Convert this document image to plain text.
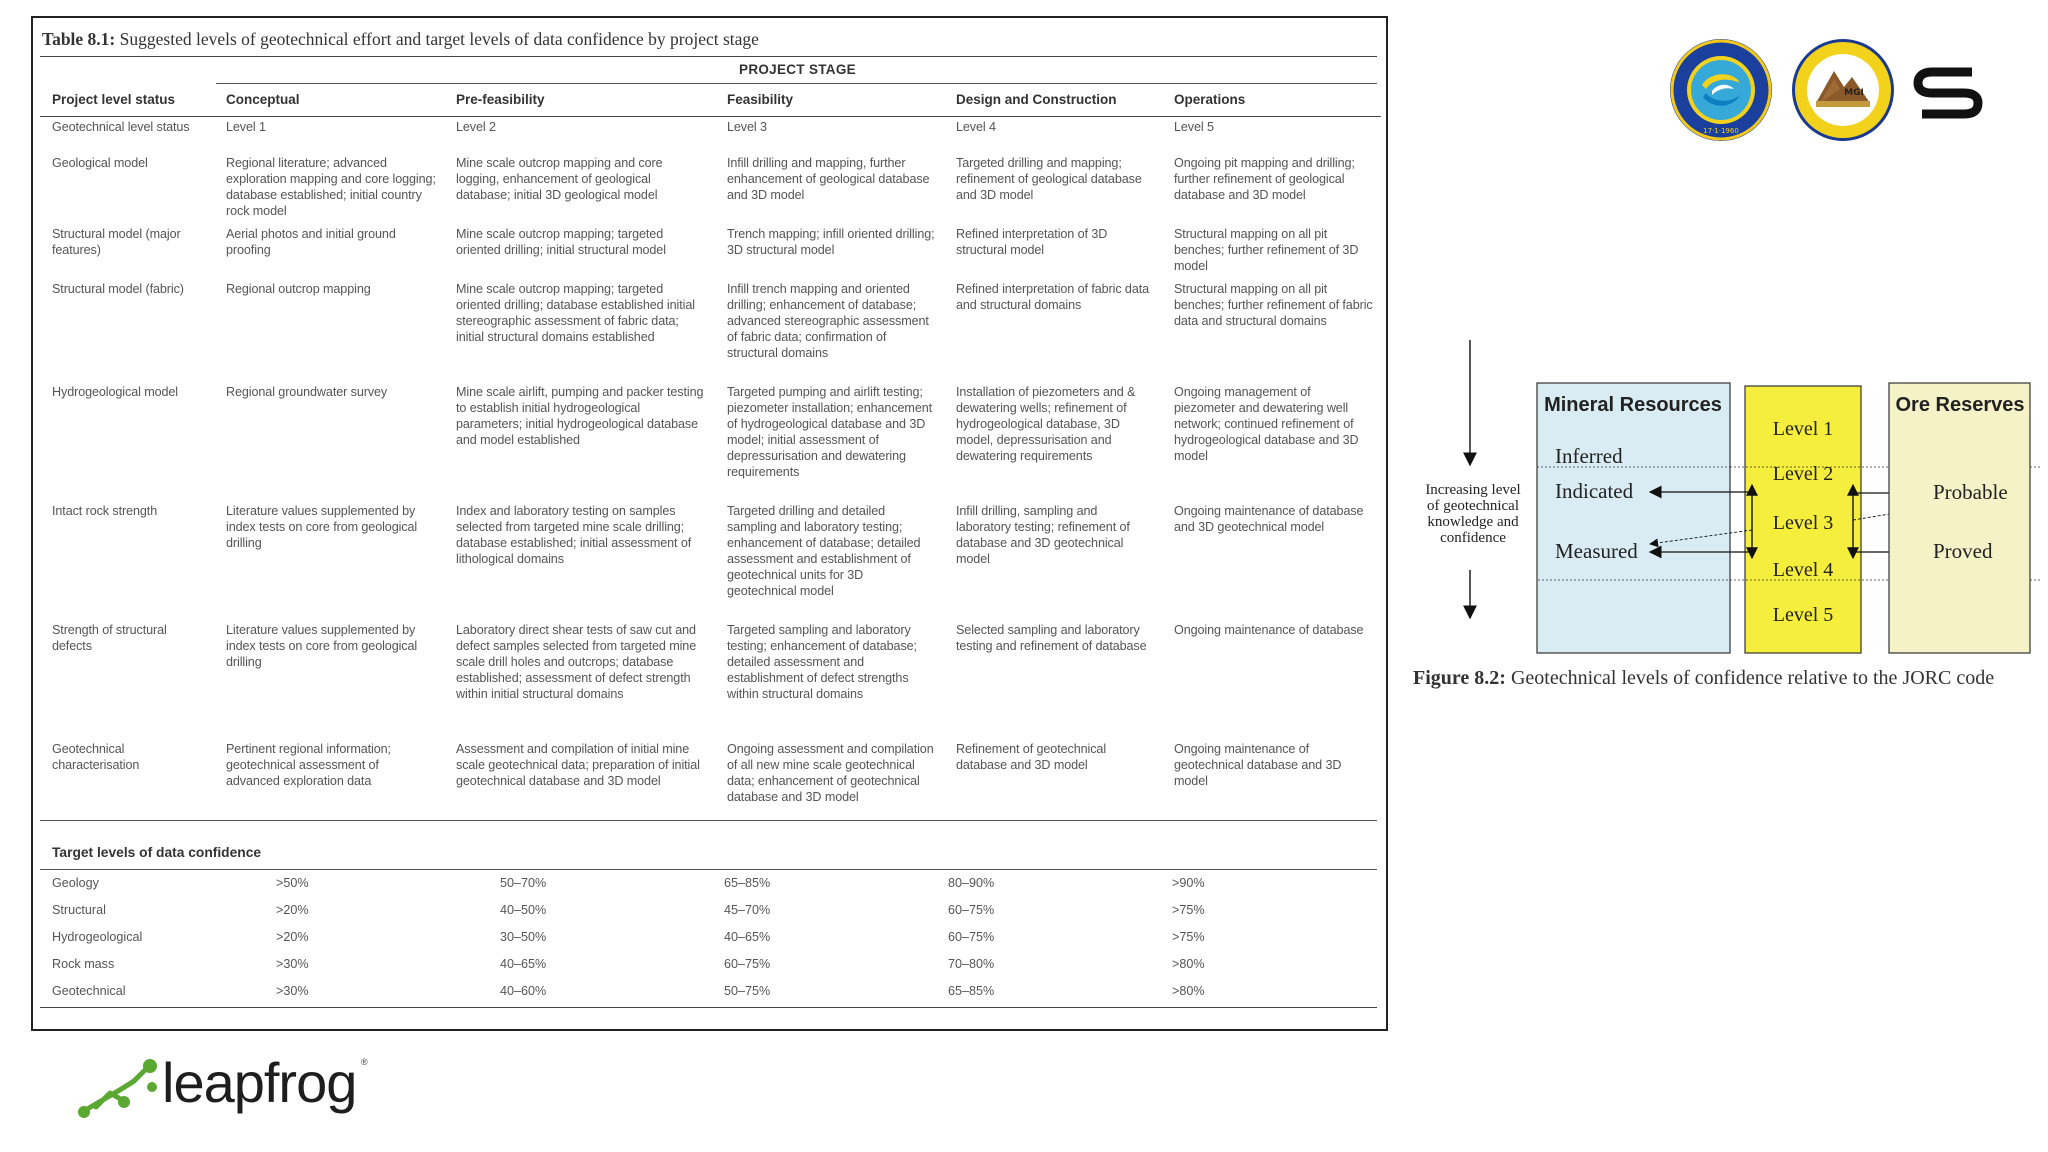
Table 8.1: Suggested levels of geotechnical effort and target levels of data confidence by project stage
PROJECT STAGE
Project level status	Conceptual	Pre-feasibility	Feasibility	Design and Construction	Operations
Geotechnical level status	Level 1	Level 2	Level 3	Level 4	Level 5
Geological model	Regional literature; advanced exploration mapping and core logging; database established; initial country rock model	Mine scale outcrop mapping and core logging, enhancement of geological database; initial 3D geological model	Infill drilling and mapping, further enhancement of geological database and 3D model	Targeted drilling and mapping; refinement of geological database and 3D model	Ongoing pit mapping and drilling; further refinement of geological database and 3D model
Structural model (major features)	Aerial photos and initial ground proofing	Mine scale outcrop mapping; targeted oriented drilling; initial structural model	Trench mapping; infill oriented drilling; 3D structural model	Refined interpretation of 3D structural model	Structural mapping on all pit benches; further refinement of 3D model
Structural model (fabric)	Regional outcrop mapping	Mine scale outcrop mapping; targeted oriented drilling; database established initial stereographic assessment of fabric data; initial structural domains established	Infill trench mapping and oriented drilling; enhancement of database; advanced stereographic assessment of fabric data; confirmation of structural domains	Refined interpretation of fabric data and structural domains	Structural mapping on all pit benches; further refinement of fabric data and structural domains
Hydrogeological model	Regional groundwater survey	Mine scale airlift, pumping and packer testing to establish initial hydrogeological parameters; initial hydrogeological database and model established	Targeted pumping and airlift testing; piezometer installation; enhancement of hydrogeological database and 3D model; initial assessment of depressurisation and dewatering requirements	Installation of piezometers and & dewatering wells; refinement of hydrogeological database, 3D model, depressurisation and dewatering requirements	Ongoing management of piezometer and dewatering well network; continued refinement of hydrogeological database and 3D model
Intact rock strength	Literature values supplemented by index tests on core from geological drilling	Index and laboratory testing on samples selected from targeted mine scale drilling; database established; initial assessment of lithological domains	Targeted drilling and detailed sampling and laboratory testing; enhancement of database; detailed assessment and establishment of geotechnical units for 3D geotechnical model	Infill drilling, sampling and laboratory testing; refinement of database and 3D geotechnical model	Ongoing maintenance of database and 3D geotechnical model
Strength of structural defects	Literature values supplemented by index tests on core from geological drilling	Laboratory direct shear tests of saw cut and defect samples selected from targeted mine scale drill holes and outcrops; database established; assessment of defect strength within initial structural domains	Targeted sampling and laboratory testing; enhancement of database; detailed assessment and establishment of defect strengths within structural domains	Selected sampling and laboratory testing and refinement of database	Ongoing maintenance of database
Geotechnical characterisation	Pertinent regional information; geotechnical assessment of advanced exploration data	Assessment and compilation of initial mine scale geotechnical data; preparation of initial geotechnical database and 3D model	Ongoing assessment and compilation of all new mine scale geotechnical data; enhancement of geotechnical database and 3D model	Refinement of geotechnical database and 3D model	Ongoing maintenance of geotechnical database and 3D model
Target levels of data confidence
Geology	>50%	50–70%	65–85%	80–90%	>90%
Structural	>20%	40–50%	45–70%	60–75%	>75%
Hydrogeological	>20%	30–50%	40–65%	60–75%	>75%
Rock mass	>30%	40–65%	60–75%	70–80%	>80%
Geotechnical	>30%	40–60%	50–75%	65–85%	>80%
17·1·1960
MGI
Increasing level
of geotechnical
knowledge and
confidence
Mineral Resources
Inferred
Indicated
Measured
Level 1
Level 2
Level 3
Level 4
Level 5
Ore Reserves
Probable
Proved
Figure 8.2: Geotechnical levels of confidence relative to the JORC code
leapfrog ®
